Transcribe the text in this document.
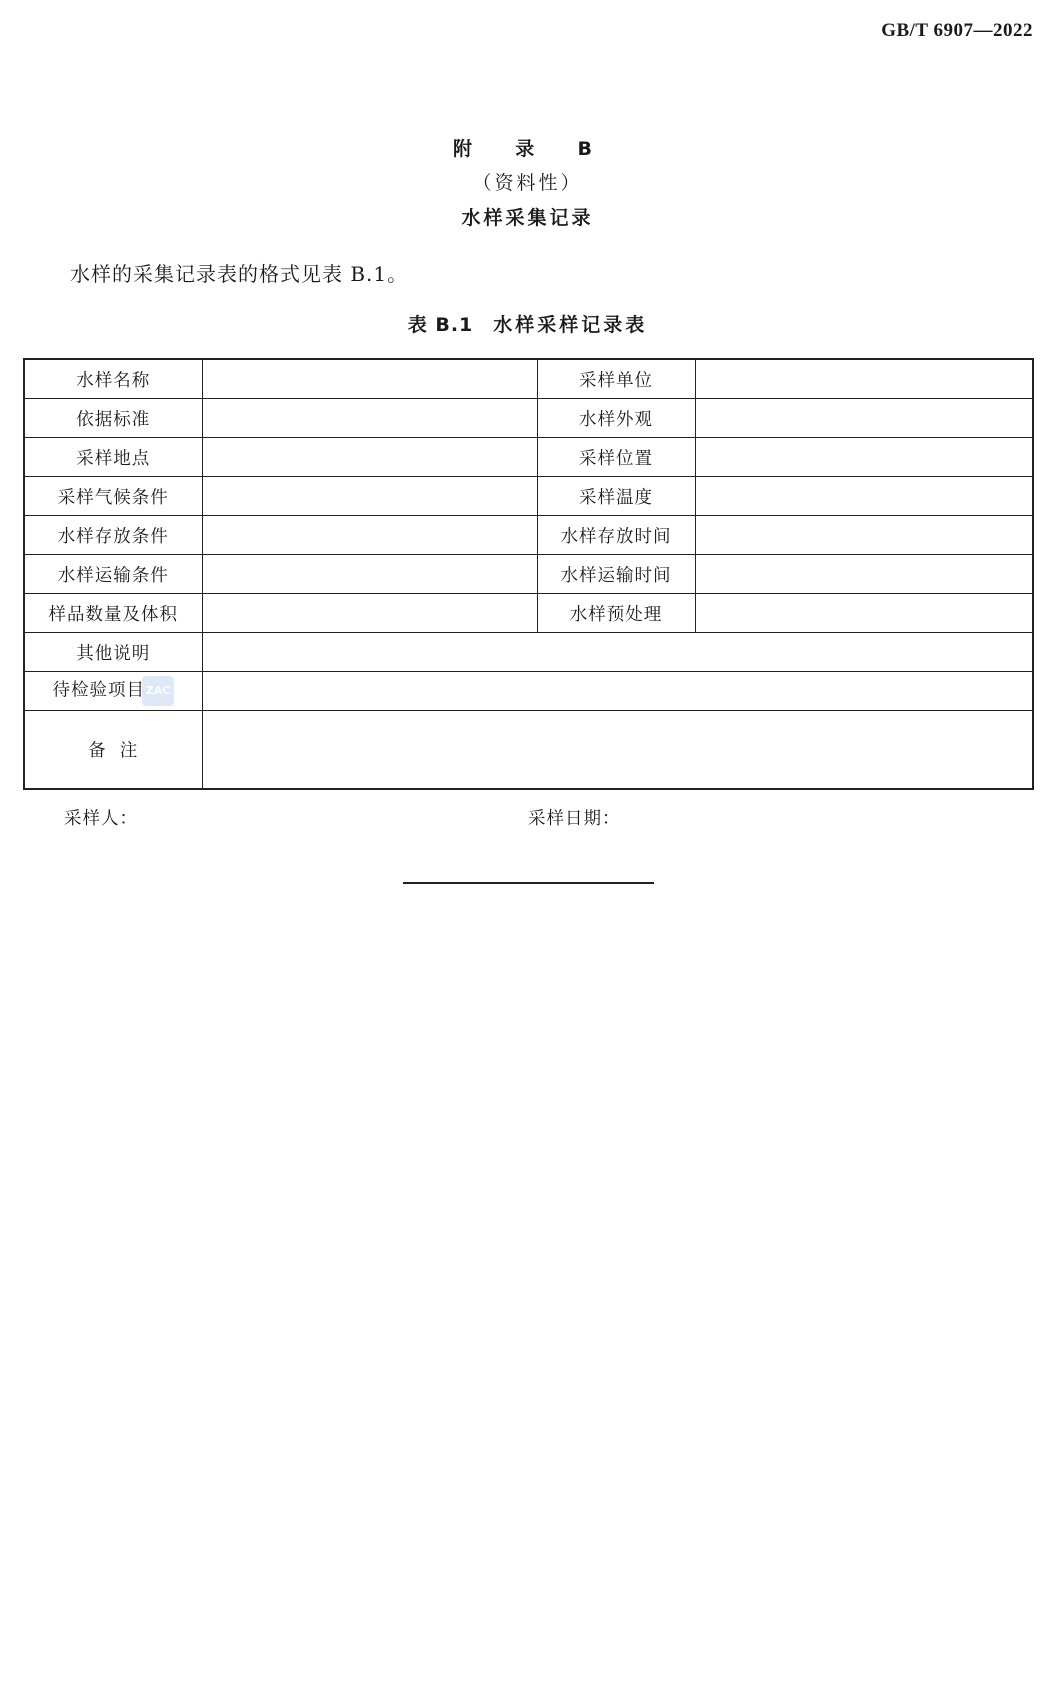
GB/T 6907—2022
附  录  B
（资料性）
水样采集记录
水样的采集记录表的格式见表 B.1。
表 B.1 水样采样记录表
水样名称		采样单位	
依据标准		水样外观	
采样地点		采样位置	
采样气候条件		采样温度	
水样存放条件		水样存放时间	
水样运输条件		水样运输时间	
样品数量及体积		水样预处理	
其他说明			
待检验项目ZAC			
备  注			
采样人：	采样日期：
